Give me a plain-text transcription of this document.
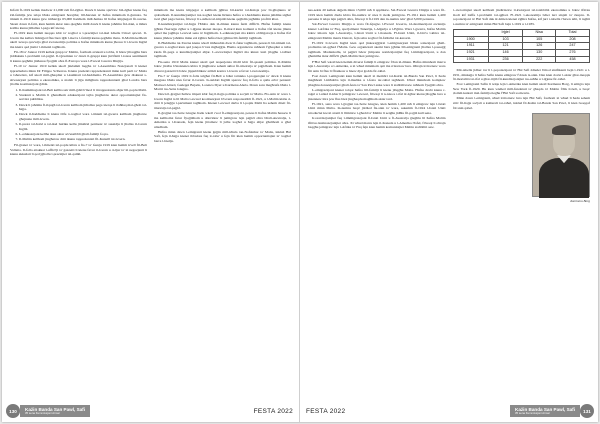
Infatti fl-1919 kellek madwar 21,000 ruħ fiż-żgħar. Dawk li kienu spiċċaw biż-żgħar kienu fuq żiż-familja jew telqu bħala emigranti ħorajtha; lill-ħarsien ta' ħafna minnhom il-ġurnata. Sa tmiem il-1919 kienu ġew imħarrġa 65,000 ħaddiem mill-ħamsa lil ħafna impjiegati fit-tarzna. Skont dawn il-fatti, kien hemm aktar nies qiegħda milli dawk li kienu jaħdmu fid-doki, u mhux kollha kienu jitħallsu l-paga kif xieraq.

Fl-1919 kien hemm nuqqas kbir ta' xogħol u l-prezzijiet tal-ikel żdiedu b'mod qawwi. Il-Gvern ma kellux biżżejjed flus biex iġib l-ikel u l-familji kienu qegħdin ibatu. Il-Maltin kellhom ukoll xewqa qawwija għal awtonomija politika u ħafna minnhom kienu jħossu li l-Gvern Ingliż ma kienx qed jisma' l-ilmenti tagħhom.

Fit-18 ta' Jannar 1919 kellek grupp ta' Maltin, fosthom avukati u tobba, li bdew jiltaqgħu biex jiddiskutu l-problemi tal-pajjiż. Il-Qawmien ta' dawn il-gruppi kien jirrifletti l-istess sentimenti li kienu qegħdin jinħassu f'pajjiżi oħra fl-Ewropa wara l-Ewwel Gwerra Dinjija.

Fl-10 ta' Jannar 1919 kellek ukoll jinżamm laqgħa ta' l-Assemblea Nazzjonali li kienet ippreżieduta minn Dr Filippo Sciberras. Kienu preżenti rappreżentanti minn kull parti ta' Malta u Għawdex, kif ukoll mill-għaqdiet u l-kumitati tal-ħaddiema. Fl-Assemblea ġew diskussi s-sitwazzjoni politika u ekonomika, u ntalab li jiġu mibgħuta rappreżentanti għal Londra biex jitolbu kostituzzjoni ġdida.

1. Il-Kummissjoni tal-Belt kellha ssir mill-ġdid b'mod li tirrappreżenta aħjar lill-poplu Malti.
2. Studenti u Maltin li għandhom edukazzjoni tajba jingħataw aktar opportunitajiet fis-servizz pubbliku.
3. Dawk li jaħdmu fl-ilqugħ tal-Gvern kellhom jitħallsu paga xierqa li tlaħħaq mal-għoli tal-ħajja.
4. Dawk il-ħaddiema li kienu tilfu x-xogħol wara t-tmiem tal-gwerra kellhom jingħataw għajnuna mill-Gvern.
5. Il-prezz tal-ħobż u tal-ikel bażiku kellu jitniżżel permezz ta' sussidju li jħallas il-Gvern Ingliż.
6. L-edukazzjoni kellha tkun aktar aċċessibbli għall-familji foqra.
7. Il-Maltin kellhom jingħataw dritt ikunu rappreżentati fil-Kunsill tal-Gvern.

Fil-ġranet ta' wara, l-ilmenti tal-poplu kibru u fis-7 ta' Ġunju 1919 kien hemm irvell fil-Belt Valletta. Il-folla attakkat l-uffiċċji ta' gazzetti li kienu favur il-Gvern u d-djar ta' xi negozjanti li kienu akkużati li qed jgħollu l-prezzijiet tal-qamħ.

minnhom ma kienx impjegat u kellhom jgħixu bil-karità tal-Knisja jew bl-għajnuna ta' qrabathom. Il-kundizzjonijiet tax-xogħol kienu ħżiena ħafna u l-ħaddiema kienu jaħdmu sigħat twal għal paga baxxa, filwaqt li s-sidien tal-impriżi kienu qegħdin jagħmlu profitti kbar.

Il-kundizzjonijiet tal-ħajja f'Malta dak iż-żmien kienu ferm diffiċli. Ħafna familji kienu jgħixu f'kerrejja żgħar u l-iġjene kienet nieqsa. Il-mard kien komuni u ħafna tfal kienu jmutu qabel ma jagħlqu l-ewwel sena ta' ħajjithom. L-edukazzjoni ma kinitx obbligatorja u ħafna tfal kienu jibdew jaħdmu minn età żgħira ħafna biex jgħinu lill-familji tagħhom.

Il-Ħaddiema tat-Tarzna kienu wkoll imħassbin dwar il-futur tagħhom, peress li bit-tmiem tal-gwerra x-xogħol kien qed jonqos b'rata mgħaġġla. Huma organizzaw ruħhom f'għaqdiet u talbu żieda fil-paga u kundizzjonijiet aħjar. L-awtoritajiet Ingliżi ma kinux lesti jilqgħu t-talbiet tagħhom.

Fis-sena 1919 Malta kienet ukoll qed tesperjenza tibdil kbir fil-qasam politiku. Il-Maltin bdew jitolbu b'insistenza kbira li jingħataw sehem akbar fit-tmexxija ta' pajjiżhom. Kien hemm diversi gazzetti li bdew jippubblikaw artikli kontra l-Gvern u favur l-awtonomija.

Fis-7 ta' Ġunju 1919 il-folla telgħet fil-Belt u bdiet tattakka l-propjetajiet ta' dawk li kienu meqjusa bħala nies favur il-Gvern. Is-suldati Ingliżi sparaw fuq il-folla u qatlu erba' persuni: Manwel Attard, Ġużeppi Bajada, Lorenzo Dyer u Karmenu Abela. Dawn saru magħrufa bħala l-Martri tas-Sette Giugno.

Dawn il-ġrajjiet ħallew impatt kbir fuq il-ħajja politika u soċjali ta' Malta. Fis-snin ta' wara l-Gvern Ingliż ta lil Malta l-ewwel kostituzzjoni b'Gvern responsabbli fl-1921, u l-Maltin kisbu d-dritt li jeleġġu l-parlament tagħhom. Kienet l-ewwel darba li l-poplu Malti ħa sehem dirett fit-tmexxija tal-pajjiż.

Il-ġrajjiet tas-Sette Giugno ħadu wkoll rwol fl-emigrazzjoni, peress li ħafna Maltin ħassew li ma kellhomx futur f'pajjiżhom u ddeċidew li jemigraw lejn pajjiżi oħra bħall-Awstralja, l-Amerika u l-Kanada, fejn kienu jittamaw li jsibu xogħol u ħajja aħjar għalihom u għal uliedhom.

Ħafna minn dawn l-emigranti kienu ġejjin mill-irħula tan-Nofsinhar ta' Malta, inkluż Ħal Safi, fejn il-ħajja kienet ibbażata fuq ir-raba' u fejn ftit kien hemm opportunitajiet ta' xogħol barra l-biedja.

130	Każin Banda San Pawl, Safi
35 sena Kummissjoni Armar	FESTA 2022

nes-sekla 20 kellek dejjem minn 15,000 ruħ li applikaw. Sal-Ewwel Gwerra Dinjija u wara fil-1919 kien hemm żieda kbira fin-numru ta' nies li riedu jemigraw. Fl-1911 kien hemm 1,400 persuna li telqu lejn pajjiżi oħra, filwaqt li fl-1919 dan in-numru tela' għal 3,000 persuna.

Sal-Ewwel Gwerra Dinjija u wara fil-Ġjugno l-Ewwel Gwerra, id-destinazzjoni ewlenija kienet l-Afrika ta' Fuq, speċjalment Tuneżija, l-Alġerija u l-Eġittu. Wara l-gwerra, ħafna Maltin bdew imorru lejn l-Awstralja, l-Istati Uniti u l-Kanada. Fl-Istati Uniti, il-biċċa l-kbira tal-emigranti Maltin marru Detroit, fejn sabu xogħol fil-fabbriki tal-karozzi.

Fl-1919 il-Gvern Ingliż kien qed jinkoraġġixxi l-emigrazzjoni bħala soluzzjoni għall-problema tal-qgħad f'Malta. Ġew organizzati skemi biex jgħinu lill-emigranti jħallsu l-passaġġ tagħhom. Madankollu, xi pajjiżi bdew jimponu restrizzjonijiet fuq l-immigrazzjoni, u dan għamilha iktar diffiċli għall-Maltin biex jemigraw.

F'Ħal Safi wkoll kien hemm diversi familji li emigraw f'dan iż-żmien. Ħafna minnhom marru lejn l-Awstralja u l-Amerika, u xi wħud minnhom qatt ma rritornaw lura. Oħrajn irritornaw wara ftit snin bi flus li ffrankaw u bnew djar ġodda fir-raħal.

Fost dawn l-emigranti kien hemm ukoll xi membri tal-Każin tal-Banda San Pawl, li ħadu magħhom l-imħabba lejn il-mużika u l-festa tar-raħal tagħhom. Uħud minnhom komplew jibagħtu donazzjonijiet għall-festa ta' San Pawl anke wara li stabbilixxew ruħhom f'pajjiżi oħra.

L-emigrazzjoni kienet tolqot ħafna lill-familji li kienu jibqgħu Malta. Ħafna drabi kienu r-raġel u l-ulied il-kbar li jemigraw l-ewwel, filwaqt li n-nisa u t-tfal iż-żgħar kienu jibqgħu lura u jistennew ittra jew flus biex jingħaqdu magħhom aktar tard.

Fl-1921, sena wara l-ġrajjiet tas-Sette Giugno, kien hemm 1,200 ruħ li emigraw lejn l-Istati Uniti minn Malta. In-numru baqa' jiżdied fis-snin ta' wara, sakemm fl-1924 l-Istati Uniti ntroduċiet kwoti stretti li llimitaw l-għadd ta' Maltin li setgħu jidħlu fil-pajjiż kull sena.

Ir-restrizzjonijiet fuq l-immigrazzjoni fl-Istati Uniti u fl-Awstralja ġiegħlu lil ħafna Maltin ifittxu destinazzjonijiet oħra. Xi wħud marru lejn il-Kanada u l-Amerika t'Isfel, filwaqt li oħrajn baqgħu jemigraw lejn l-Afrika ta' Fuq fejn kien hemm komunitajiet Maltin stabbiliti sew.

L-awtoritajiet ukoll kellhom jindirizzaw il-kwistjoni tal-istabbiltà ekonomika u bdew ifittxu modi kif itaffu l-problemi tal-qgħad. Fl-1921 l-ekonomija bdiet turi sinjali ta' rkupru. Il-popolazzjoni ta' Ħal Safi dak iż-żmien kienet żgħira ħafna, kif juri t-tabella t'hawn taħt, li tagħti n-numru ta' emigranti minn Ħal Safi bejn l-1919 u l-1935.

	Irġiel	Nisa	Total
1900	103	105	208
1911	121	126	247
1921	146	130	276
1931	236	222	458

Mit-tabella jidher ċar li l-popolazzjoni ta' Ħal Safi żdiedet b'mod sinifikanti bejn l-1921 u l-1931, minkejja li ħafna Safin kienu emigraw f'dawk is-snin. Dan kien dovut l-aktar għat-tnaqqis fil-mortalità tat-tfal u għat-titjib fil-kundizzjonijiet tas-saħħa u l-iġjene fir-raħal.

Fost l-emigranti Safin li telqu lejn l-Amerika kien hemm ukoll Karmenu Borg, li emigra lejn New York fl-1920. Hu kien wieħed mill-fundaturi ta' għaqda ta' Maltin f'dik il-belt, u baqa' jżomm kuntatt mal-familja tiegħu f'Ħal Safi sa mewtu.

Minn dawn l-emigranti, uħud irritornaw lura lejn Ħal Safi, fosthom xi wħud li ħadu sehem attiv fil-ħajja soċjali u kulturali tar-raħal, inkluż fil-Każin tal-Banda San Pawl, li kien twaqqaf ftit snin qabel.

Karmenu Borg
FESTA 2022	Każin Banda San Pawl, Safi
35 sena Kummissjoni Armar	131
